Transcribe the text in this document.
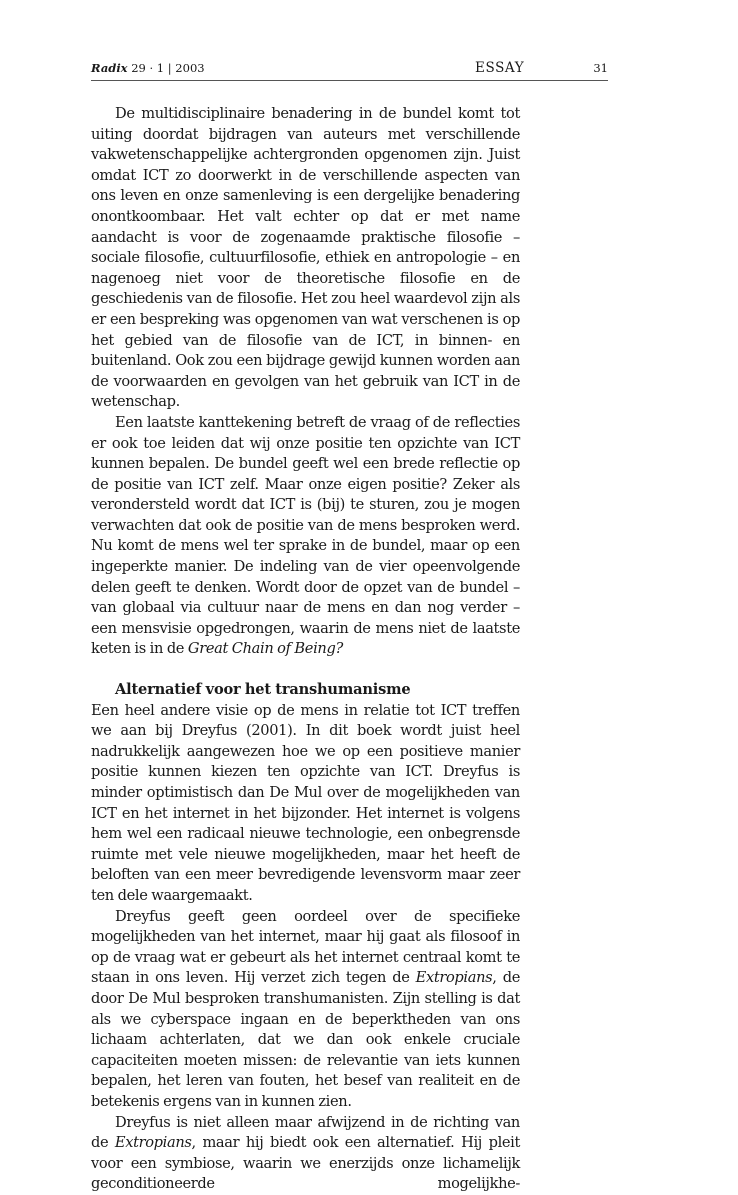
Radix 29 · 1 | 2003	ESSAY	31

De multidisciplinaire benadering in de bundel komt tot uiting doordat bijdragen van auteurs met verschillende vakwetenschappelijke achtergronden opgenomen zijn. Juist omdat ICT zo doorwerkt in de verschillende aspecten van ons leven en onze samenleving is een dergelijke benadering onontkoombaar. Het valt echter op dat er met name aandacht is voor de zogenaamde praktische filosofie – sociale filosofie, cultuurfilosofie, ethiek en antropologie – en nagenoeg niet voor de theoretische filosofie en de geschiedenis van de filosofie. Het zou heel waardevol zijn als er een bespreking was opgenomen van wat verschenen is op het gebied van de filosofie van de ICT, in binnen- en buitenland. Ook zou een bijdrage gewijd kunnen worden aan de voorwaarden en gevolgen van het gebruik van ICT in de wetenschap.

Een laatste kanttekening betreft de vraag of de reflecties er ook toe leiden dat wij onze positie ten opzichte van ICT kunnen bepalen. De bundel geeft wel een brede reflectie op de positie van ICT zelf. Maar onze eigen positie? Zeker als verondersteld wordt dat ICT is (bij) te sturen, zou je mogen verwachten dat ook de positie van de mens besproken werd. Nu komt de mens wel ter sprake in de bundel, maar op een ingeperkte manier. De indeling van de vier opeenvolgende delen geeft te denken. Wordt door de opzet van de bundel – van globaal via cultuur naar de mens en dan nog verder – een mensvisie opgedrongen, waarin de mens niet de laatste keten is in de Great Chain of Being?

Alternatief voor het transhumanisme

Een heel andere visie op de mens in relatie tot ICT treffen we aan bij Dreyfus (2001). In dit boek wordt juist heel nadrukkelijk aangewezen hoe we op een positieve manier positie kunnen kiezen ten opzichte van ICT. Dreyfus is minder optimistisch dan De Mul over de mogelijkheden van ICT en het internet in het bijzonder. Het internet is volgens hem wel een radicaal nieuwe technologie, een onbegrensde ruimte met vele nieuwe mogelijkheden, maar het heeft de beloften van een meer bevredigende levensvorm maar zeer ten dele waargemaakt.

Dreyfus geeft geen oordeel over de specifieke mogelijkheden van het internet, maar hij gaat als filosoof in op de vraag wat er gebeurt als het internet centraal komt te staan in ons leven. Hij verzet zich tegen de Extropians, de door De Mul besproken transhumanisten. Zijn stelling is dat als we cyberspace ingaan en de beperktheden van ons lichaam achterlaten, dat we dan ook enkele cruciale capaciteiten moeten missen: de relevantie van iets kunnen bepalen, het leren van fouten, het besef van realiteit en de betekenis ergens van in kunnen zien.

Dreyfus is niet alleen maar afwijzend in de richting van de Extropians, maar hij biedt ook een alternatief. Hij pleit voor een symbiose, waarin we enerzijds onze lichamelijk geconditioneerde mogelijkhe-
